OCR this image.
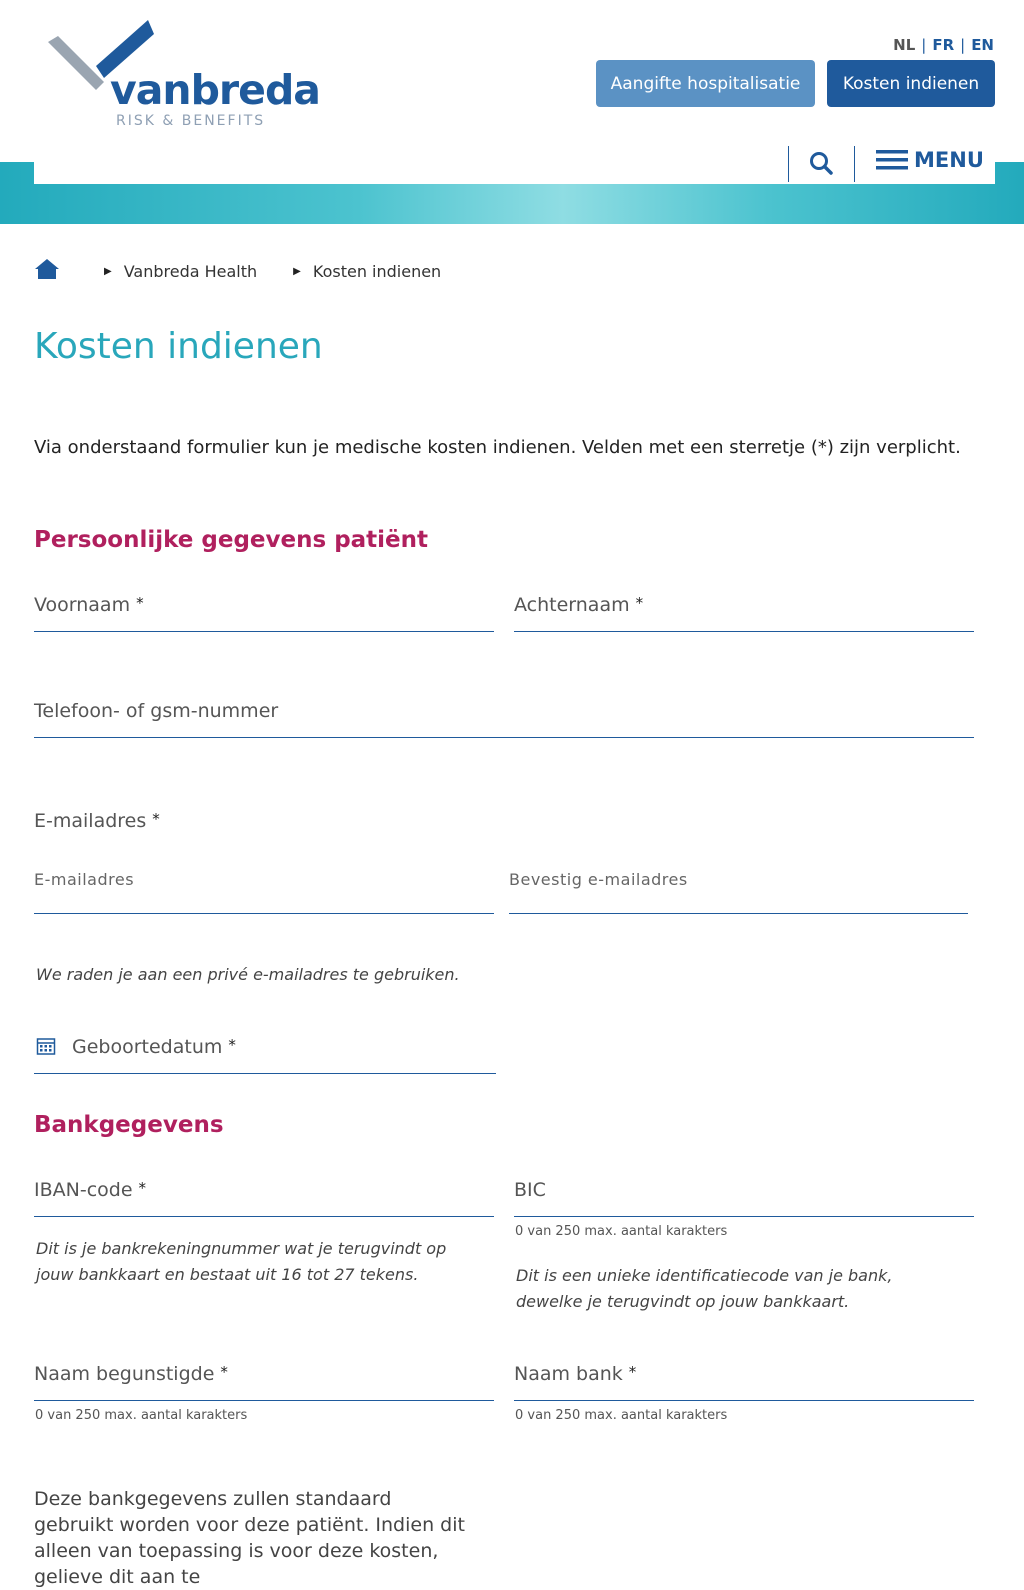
vanbreda
RISK & BENEFITS
NL | FR | EN
Aangifte hospitalisatie	Kosten indienen
MENU
▶ Vanbreda Health	▶ Kosten indienen
Kosten indienen
Via onderstaand formulier kun je medische kosten indienen. Velden met een sterretje (*) zijn verplicht.
Persoonlijke gegevens patiënt
Voornaam *	Achternaam *
Telefoon- of gsm-nummer
E-mailadres *
E-mailadres	Bevestig e-mailadres
We raden je aan een privé e-mailadres te gebruiken.
Geboortedatum *
Bankgegevens
IBAN-code *
Dit is je bankrekeningnummer wat je terugvindt op jouw bankkaart en bestaat uit 16 tot 27 tekens.
BIC
0 van 250 max. aantal karakters
Dit is een unieke identificatiecode van je bank, dewelke je terugvindt op jouw bankkaart.
Naam begunstigde *
0 van 250 max. aantal karakters
Naam bank *
0 van 250 max. aantal karakters
Deze bankgegevens zullen standaard gebruikt worden voor deze patiënt. Indien dit alleen van toepassing is voor deze kosten, gelieve dit aan te
